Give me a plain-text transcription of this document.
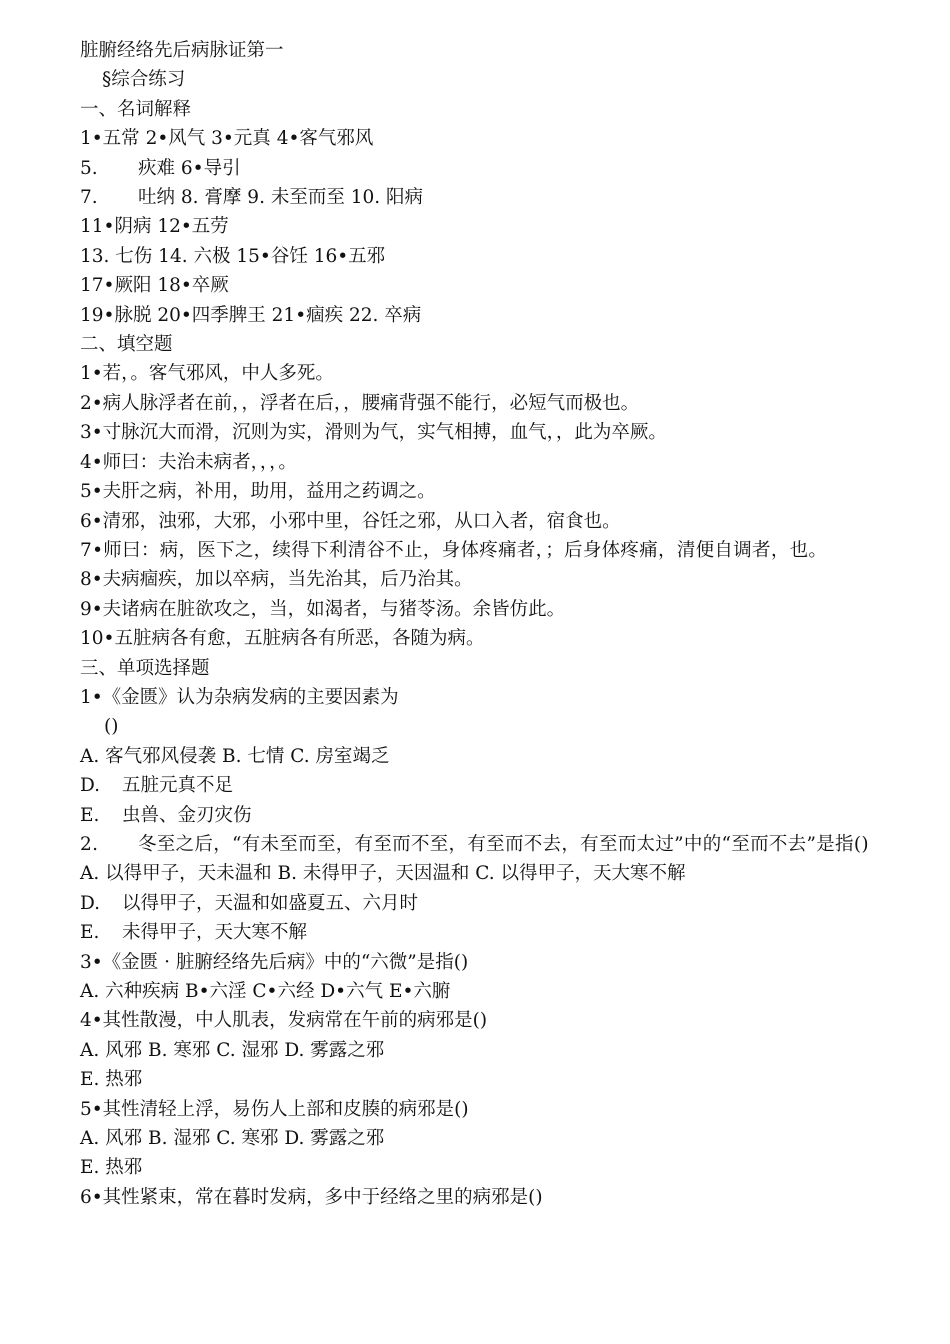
脏腑经络先后病脉证第一
§综合练习
一、名词解释
1•五常 2•风气 3•元真 4•客气邪风
5. 疢难 6•导引
7. 吐纳 8. 膏摩 9. 未至而至 10. 阳病
11•阴病 12•五劳
13. 七伤 14. 六极 15•谷饪 16•五邪
17•厥阳 18•卒厥
19•脉脱 20•四季脾王 21•痼疾 22. 卒病
二、填空题
1•若，。客气邪风，中人多死。
2•病人脉浮者在前，，浮者在后，，腰痛背强不能行，必短气而极也。
3•寸脉沉大而滑，沉则为实，滑则为气，实气相搏，血气，，此为卒厥。
4•师曰：夫治未病者，，，。
5•夫肝之病，补用，助用，益用之药调之。
6•清邪，浊邪，大邪，小邪中里，谷饪之邪，从口入者，宿食也。
7•师曰：病，医下之，续得下利清谷不止，身体疼痛者，；后身体疼痛，清便自调者，也。
8•夫病痼疾，加以卒病，当先治其，后乃治其。
9•夫诸病在脏欲攻之，当，如渴者，与猪苓汤。余皆仿此。
10•五脏病各有愈，五脏病各有所恶，各随为病。
三、单项选择题
1•《金匮》认为杂病发病的主要因素为
()
A. 客气邪风侵袭 B. 七情 C. 房室竭乏
D. 五脏元真不足
E. 虫兽、金刃灾伤
2. 冬至之后，“有未至而至，有至而不至，有至而不去，有至而太过”中的“至而不去”是指()
A. 以得甲子，天未温和 B. 未得甲子，天因温和 C. 以得甲子，天大寒不解
D. 以得甲子，天温和如盛夏五、六月时
E. 未得甲子，天大寒不解
3•《金匮 · 脏腑经络先后病》中的“六微”是指()
A. 六种疾病 B•六淫 C•六经 D•六气 E•六腑
4•其性散漫，中人肌表，发病常在午前的病邪是()
A. 风邪 B. 寒邪 C. 湿邪 D. 雾露之邪
E. 热邪
5•其性清轻上浮，易伤人上部和皮腠的病邪是()
A. 风邪 B. 湿邪 C. 寒邪 D. 雾露之邪
E. 热邪
6•其性紧束，常在暮时发病，多中于经络之里的病邪是()
